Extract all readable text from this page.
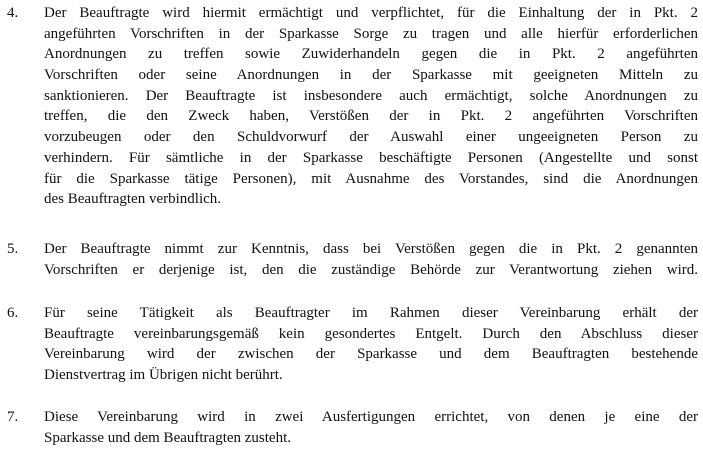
4. Der Beauftragte wird hiermit ermächtigt und verpflichtet, für die Einhaltung der in Pkt. 2
angeführten Vorschriften in der Sparkasse Sorge zu tragen und alle hierfür erforderlichen
Anordnungen zu treffen sowie Zuwiderhandeln gegen die in Pkt. 2 angeführten
Vorschriften oder seine Anordnungen in der Sparkasse mit geeigneten Mitteln zu
sanktionieren. Der Beauftragte ist insbesondere auch ermächtigt, solche Anordnungen zu
treffen, die den Zweck haben, Verstößen der in Pkt. 2 angeführten Vorschriften
vorzubeugen oder den Schuldvorwurf der Auswahl einer ungeeigneten Person zu
verhindern. Für sämtliche in der Sparkasse beschäftigte Personen (Angestellte und sonst
für die Sparkasse tätige Personen), mit Ausnahme des Vorstandes, sind die Anordnungen
des Beauftragten verbindlich.
5. Der Beauftragte nimmt zur Kenntnis, dass bei Verstößen gegen die in Pkt. 2 genannten
Vorschriften er derjenige ist, den die zuständige Behörde zur Verantwortung ziehen wird.
6. Für seine Tätigkeit als Beauftragter im Rahmen dieser Vereinbarung erhält der
Beauftragte vereinbarungsgemäß kein gesondertes Entgelt. Durch den Abschluss dieser
Vereinbarung wird der zwischen der Sparkasse und dem Beauftragten bestehende
Dienstvertrag im Übrigen nicht berührt.
7. Diese Vereinbarung wird in zwei Ausfertigungen errichtet, von denen je eine der
Sparkasse und dem Beauftragten zusteht.
